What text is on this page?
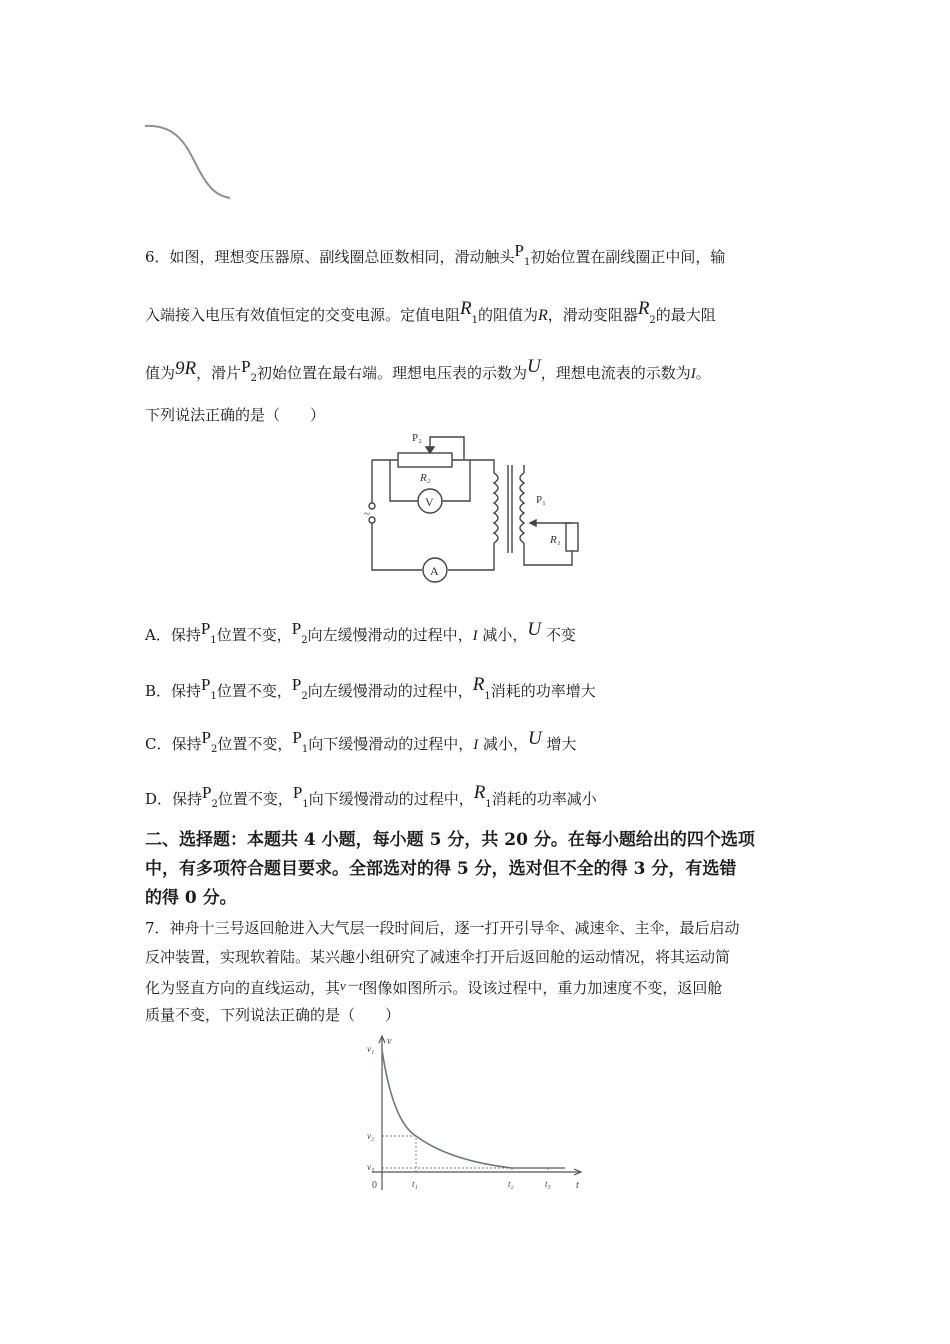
6．如图，理想变压器原、副线圈总匝数相同，滑动触头$P_1$初始位置在副线圈正中间，输
入端接入电压有效值恒定的交变电源。定值电阻$R_1$的阻值为R，滑动变阻器$R_2$的最大阻
值为9R，滑片$P_2$初始位置在最右端。理想电压表的示数为U，理想电流表的示数为I。
下列说法正确的是（　　）
P₂
R₂
V
A
P₁
R₁
~
A．保持$P_1$位置不变，$P_2$向左缓慢滑动的过程中，I 减小，U 不变
B．保持$P_1$位置不变，$P_2$向左缓慢滑动的过程中，$R_1$消耗的功率增大
C．保持$P_2$位置不变，$P_1$向下缓慢滑动的过程中，I 减小，U 增大
D．保持$P_2$位置不变，$P_1$向下缓慢滑动的过程中，$R_1$消耗的功率减小
二、选择题：本题共 4 小题，每小题 5 分，共 20 分。在每小题给出的四个选项
中，有多项符合题目要求。全部选对的得 5 分，选对但不全的得 3 分，有选错
的得 0 分。
7．神舟十三号返回舱进入大气层一段时间后，逐一打开引导伞、减速伞、主伞，最后启动
反冲装置，实现软着陆。某兴趣小组研究了减速伞打开后返回舱的运动情况，将其运动简
化为竖直方向的直线运动，其v－t图像如图所示。设该过程中，重力加速度不变，返回舱
质量不变，下列说法正确的是（　　）
v
t
0
v₁
v₂
v₃
t₁	t₂	t₃
